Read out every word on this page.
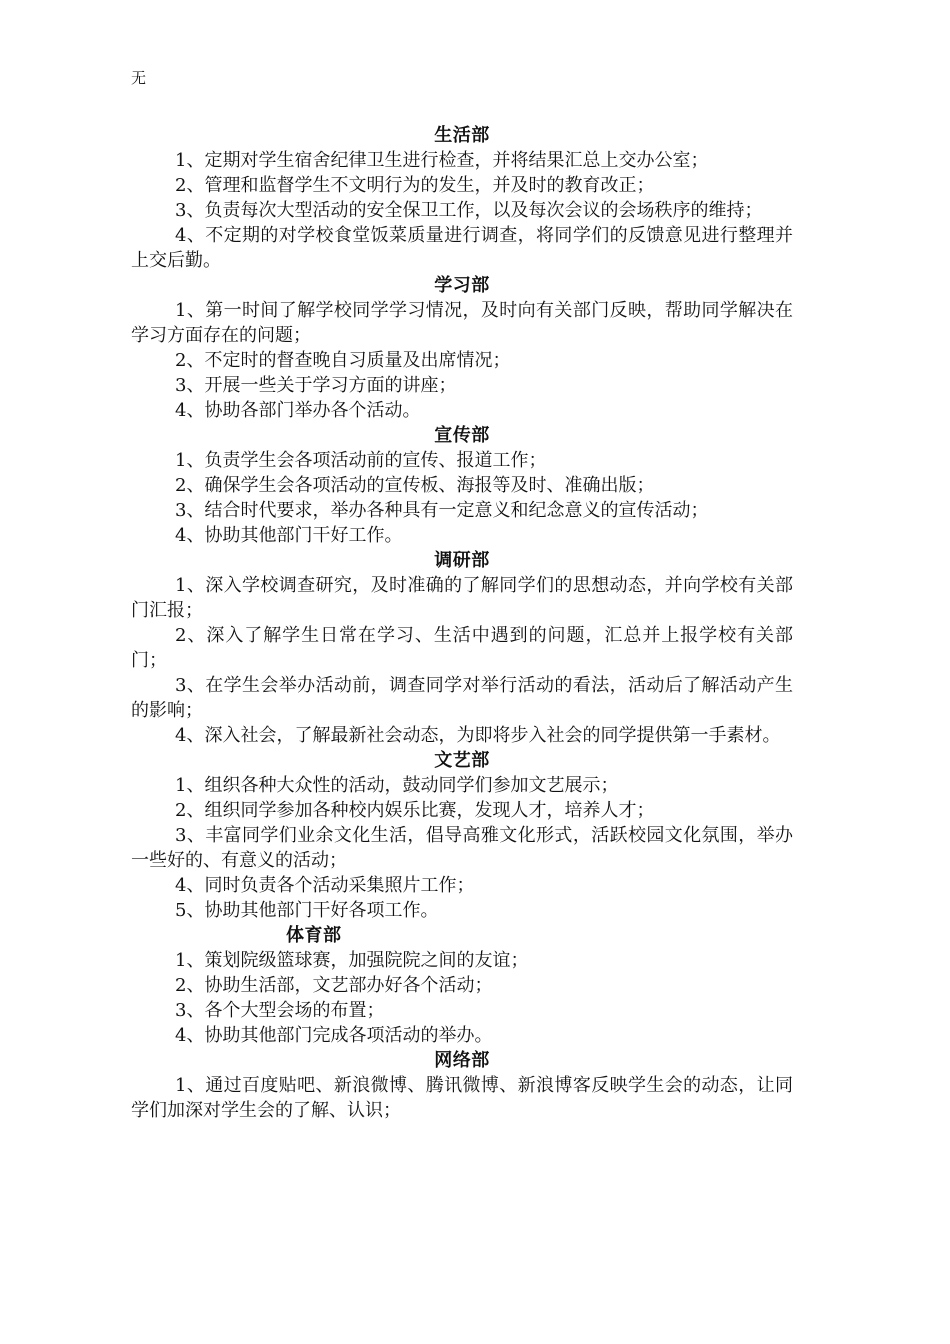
无
生活部

1、定期对学生宿舍纪律卫生进行检查，并将结果汇总上交办公室；

2、管理和监督学生不文明行为的发生，并及时的教育改正；

3、负责每次大型活动的安全保卫工作，以及每次会议的会场秩序的维持；

4、不定期的对学校食堂饭菜质量进行调查，将同学们的反馈意见进行整理并上交后勤。

学习部

1、第一时间了解学校同学学习情况，及时向有关部门反映，帮助同学解决在学习方面存在的问题；

2、不定时的督查晚自习质量及出席情况；

3、开展一些关于学习方面的讲座；

4、协助各部门举办各个活动。

宣传部

1、负责学生会各项活动前的宣传、报道工作；

2、确保学生会各项活动的宣传板、海报等及时、准确出版；

3、结合时代要求，举办各种具有一定意义和纪念意义的宣传活动；

4、协助其他部门干好工作。

调研部

1、深入学校调查研究，及时准确的了解同学们的思想动态，并向学校有关部门汇报；

2、深入了解学生日常在学习、生活中遇到的问题，汇总并上报学校有关部门；

3、在学生会举办活动前，调查同学对举行活动的看法，活动后了解活动产生的影响；

4、深入社会，了解最新社会动态，为即将步入社会的同学提供第一手素材。

文艺部

1、组织各种大众性的活动，鼓动同学们参加文艺展示；

2、组织同学参加各种校内娱乐比赛，发现人才，培养人才；

3、丰富同学们业余文化生活，倡导高雅文化形式，活跃校园文化氛围，举办一些好的、有意义的活动；

4、同时负责各个活动采集照片工作；

5、协助其他部门干好各项工作。

体育部

1、策划院级篮球赛，加强院院之间的友谊；

2、协助生活部，文艺部办好各个活动；

3、各个大型会场的布置；

4、协助其他部门完成各项活动的举办。

网络部

1、通过百度贴吧、新浪微博、腾讯微博、新浪博客反映学生会的动态，让同学们加深对学生会的了解、认识；
